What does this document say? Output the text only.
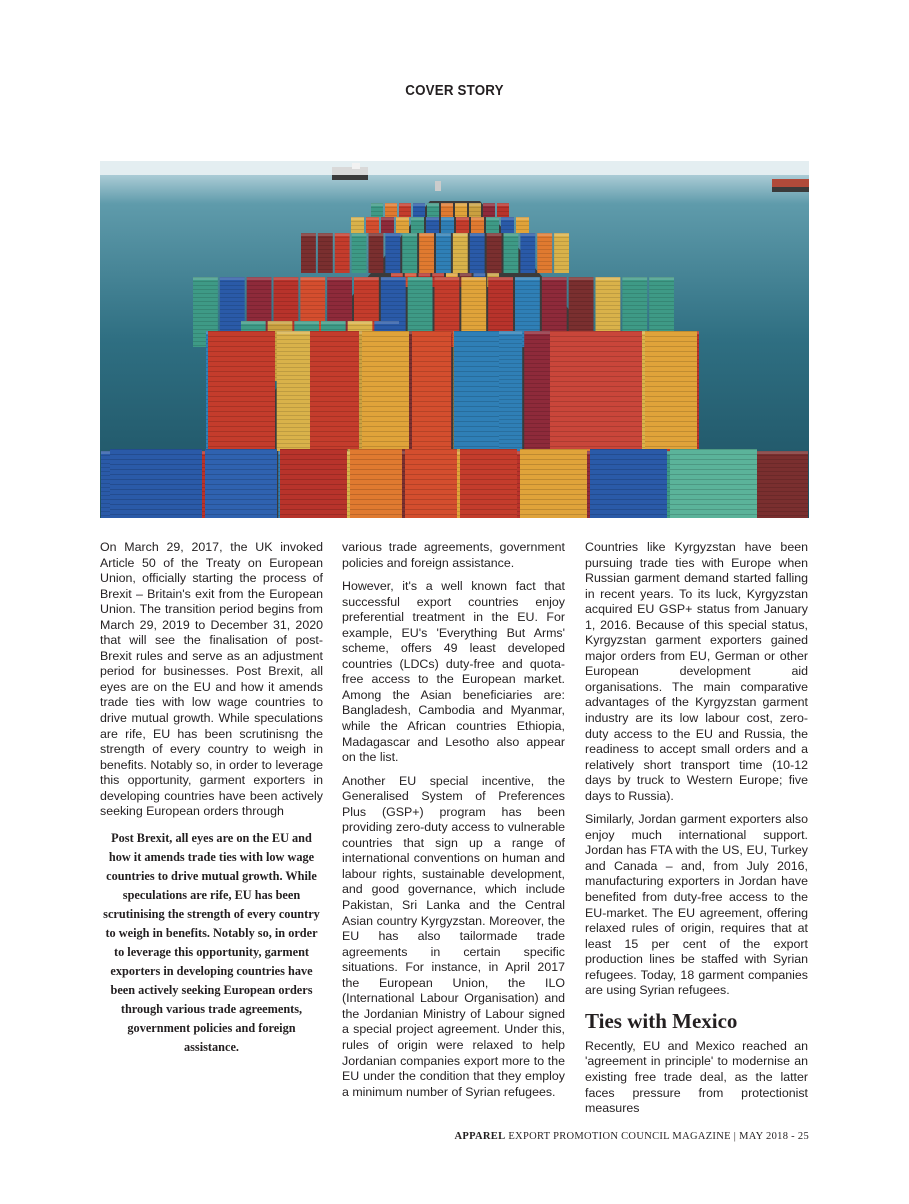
COVER STORY

On March 29, 2017, the UK invoked Article 50 of the Treaty on European Union, officially starting the process of Brexit – Britain's exit from the European Union. The transition period begins from March 29, 2019 to December 31, 2020 that will see the finalisation of post-Brexit rules and serve as an adjustment period for businesses. Post Brexit, all eyes are on the EU and how it amends trade ties with low wage countries to drive mutual growth. While speculations are rife, EU has been scrutinisng the strength of every country to weigh in benefits. Notably so, in order to leverage this opportunity, garment exporters in developing countries have been actively seeking European orders through

Post Brexit, all eyes are on the EU and how it amends trade ties with low wage countries to drive mutual growth. While speculations are rife, EU has been scrutinising the strength of every country to weigh in benefits. Notably so, in order to leverage this opportunity, garment exporters in developing countries have been actively seeking European orders through various trade agreements, government policies and foreign assistance.

various trade agreements, government policies and foreign assistance.

However, it's a well known fact that successful export countries enjoy preferential treatment in the EU. For example, EU's 'Everything But Arms' scheme, offers 49 least developed countries (LDCs) duty-free and quota-free access to the European market. Among the Asian beneficiaries are: Bangladesh, Cambodia and Myanmar, while the African countries Ethiopia, Madagascar and Lesotho also appear on the list.

Another EU special incentive, the Generalised System of Preferences Plus (GSP+) program has been providing zero-duty access to vulnerable countries that sign up a range of international conventions on human and labour rights, sustainable development, and good governance, which include Pakistan, Sri Lanka and the Central Asian country Kyrgyzstan. Moreover, the EU has also tailormade trade agreements in certain specific situations. For instance, in April 2017 the European Union, the ILO (International Labour Organisation) and the Jordanian Ministry of Labour signed a special project agreement. Under this, rules of origin were relaxed to help Jordanian companies export more to the EU under the condition that they employ a minimum number of Syrian refugees.

Countries like Kyrgyzstan have been pursuing trade ties with Europe when Russian garment demand started falling in recent years. To its luck, Kyrgyzstan acquired EU GSP+ status from January 1, 2016. Because of this special status, Kyrgyzstan garment exporters gained major orders from EU, German or other European development aid organisations. The main comparative advantages of the Kyrgyzstan garment industry are its low labour cost, zero-duty access to the EU and Russia, the readiness to accept small orders and a relatively short transport time (10-12 days by truck to Western Europe; five days to Russia).

Similarly, Jordan garment exporters also enjoy much international support. Jordan has FTA with the US, EU, Turkey and Canada – and, from July 2016, manufacturing exporters in Jordan have benefited from duty-free access to the EU-market. The EU agreement, offering relaxed rules of origin, requires that at least 15 per cent of the export production lines be staffed with Syrian refugees. Today, 18 garment companies are using Syrian refugees.

Ties with Mexico

Recently, EU and Mexico reached an 'agreement in principle' to modernise an existing free trade deal, as the latter faces pressure from protectionist measures

APPAREL EXPORT PROMOTION COUNCIL MAGAZINE | MAY 2018 - 25
